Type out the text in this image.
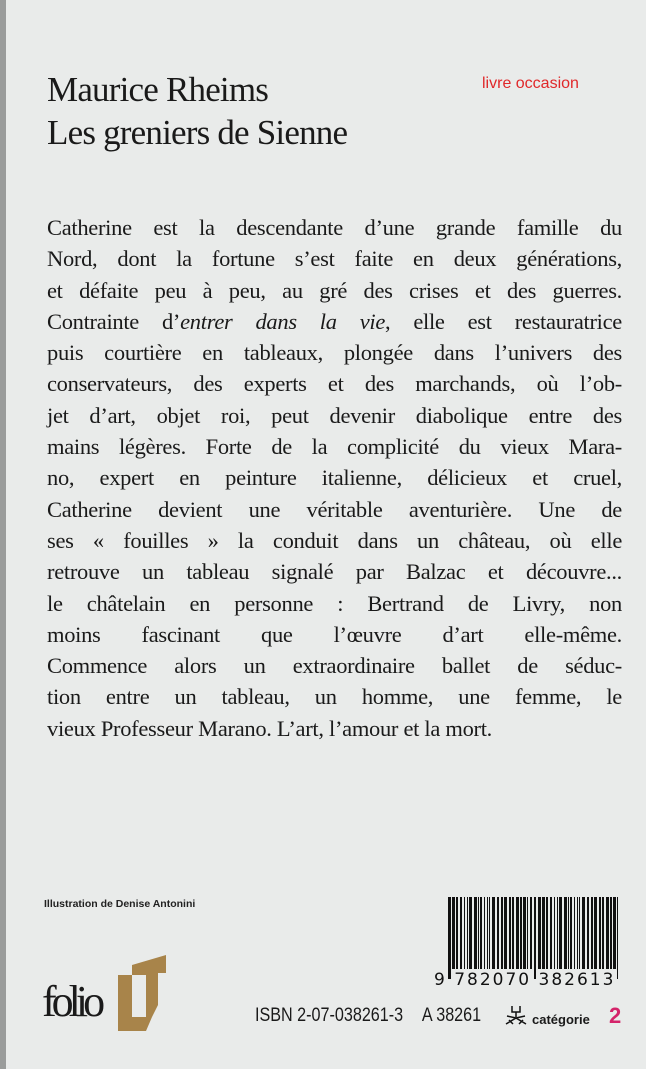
Maurice Rheims
Les greniers de Sienne
livre occasion
Catherine est la descendante d’une grande famille du
Nord, dont la fortune s’est faite en deux générations,
et défaite peu à peu, au gré des crises et des guerres.
Contrainte d’entrer dans la vie, elle est restauratrice
puis courtière en tableaux, plongée dans l’univers des
conservateurs, des experts et des marchands, où l’ob-
jet d’art, objet roi, peut devenir diabolique entre des
mains légères. Forte de la complicité du vieux Mara-
no, expert en peinture italienne, délicieux et cruel,
Catherine devient une véritable aventurière. Une de
ses « fouilles » la conduit dans un château, où elle
retrouve un tableau signalé par Balzac et découvre...
le châtelain en personne : Bertrand de Livry, non
moins fascinant que l’œuvre d’art elle-même.
Commence alors un extraordinaire ballet de séduc-
tion entre un tableau, un homme, une femme, le
vieux Professeur Marano. L’art, l’amour et la mort.
Illustration de Denise Antonini
folio	9 782070 382613
ISBN 2-07-038261-3 A 38261	catégorie 2
